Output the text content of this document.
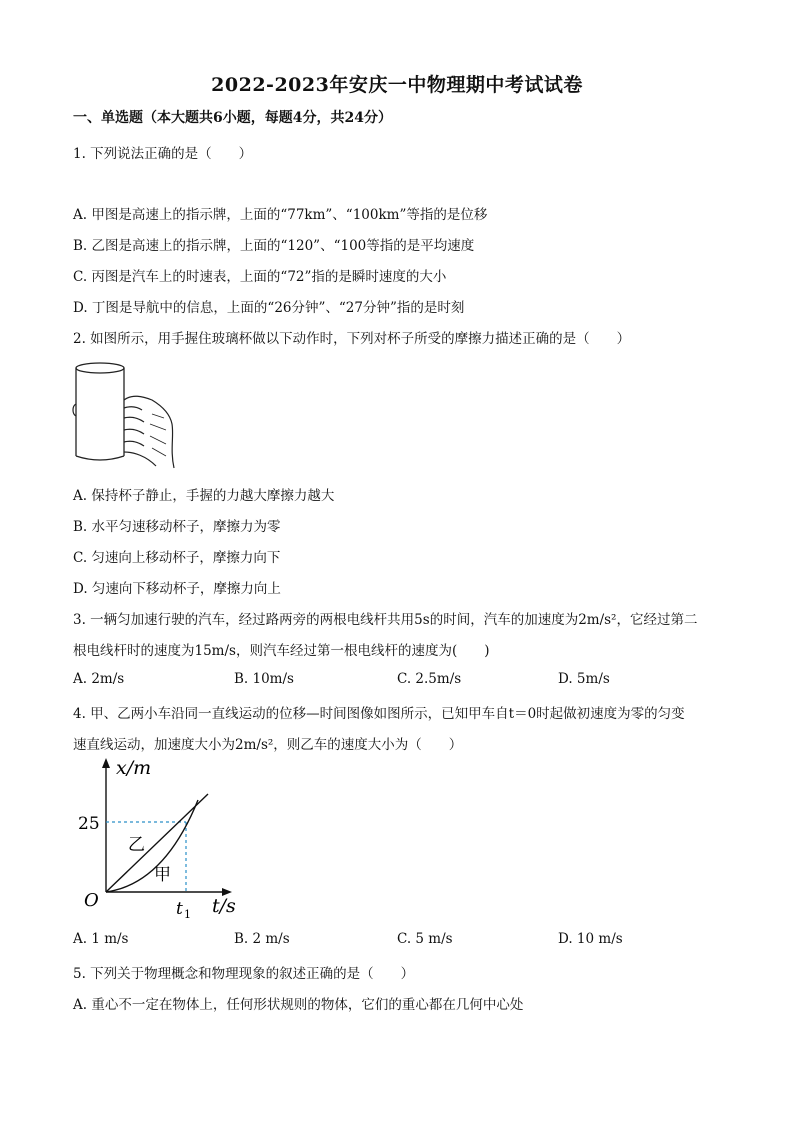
2022-2023年安庆一中物理期中考试试卷
一、单选题（本大题共6小题，每题4分，共24分）
1. 下列说法正确的是（　　）
A. 甲图是高速上的指示牌，上面的“77km”、“100km”等指的是位移
B. 乙图是高速上的指示牌，上面的“120”、“100等指的是平均速度
C. 丙图是汽车上的时速表，上面的“72”指的是瞬时速度的大小
D. 丁图是导航中的信息，上面的“26分钟”、“27分钟”指的是时刻
2. 如图所示，用手握住玻璃杯做以下动作时，下列对杯子所受的摩擦力描述正确的是（　　）
A. 保持杯子静止，手握的力越大摩擦力越大
B. 水平匀速移动杯子，摩擦力为零
C. 匀速向上移动杯子，摩擦力向下
D. 匀速向下移动杯子，摩擦力向上
3. 一辆匀加速行驶的汽车，经过路两旁的两根电线杆共用5s的时间，汽车的加速度为2m/s²，它经过第二
根电线杆时的速度为15m/s，则汽车经过第一根电线杆的速度为(　　)
A. 2m/s	B. 10m/s	C. 2.5m/s	D. 5m/s
4. 甲、乙两小车沿同一直线运动的位移—时间图像如图所示，已知甲车自t＝0时起做初速度为零的匀变
速直线运动，加速度大小为2m/s²，则乙车的速度大小为（　　）
x/m
t/s
O
25
t 1
乙
甲
A. 1 m/s	B. 2 m/s	C. 5 m/s	D. 10 m/s
5. 下列关于物理概念和物理现象的叙述正确的是（　　）
A. 重心不一定在物体上，任何形状规则的物体，它们的重心都在几何中心处
